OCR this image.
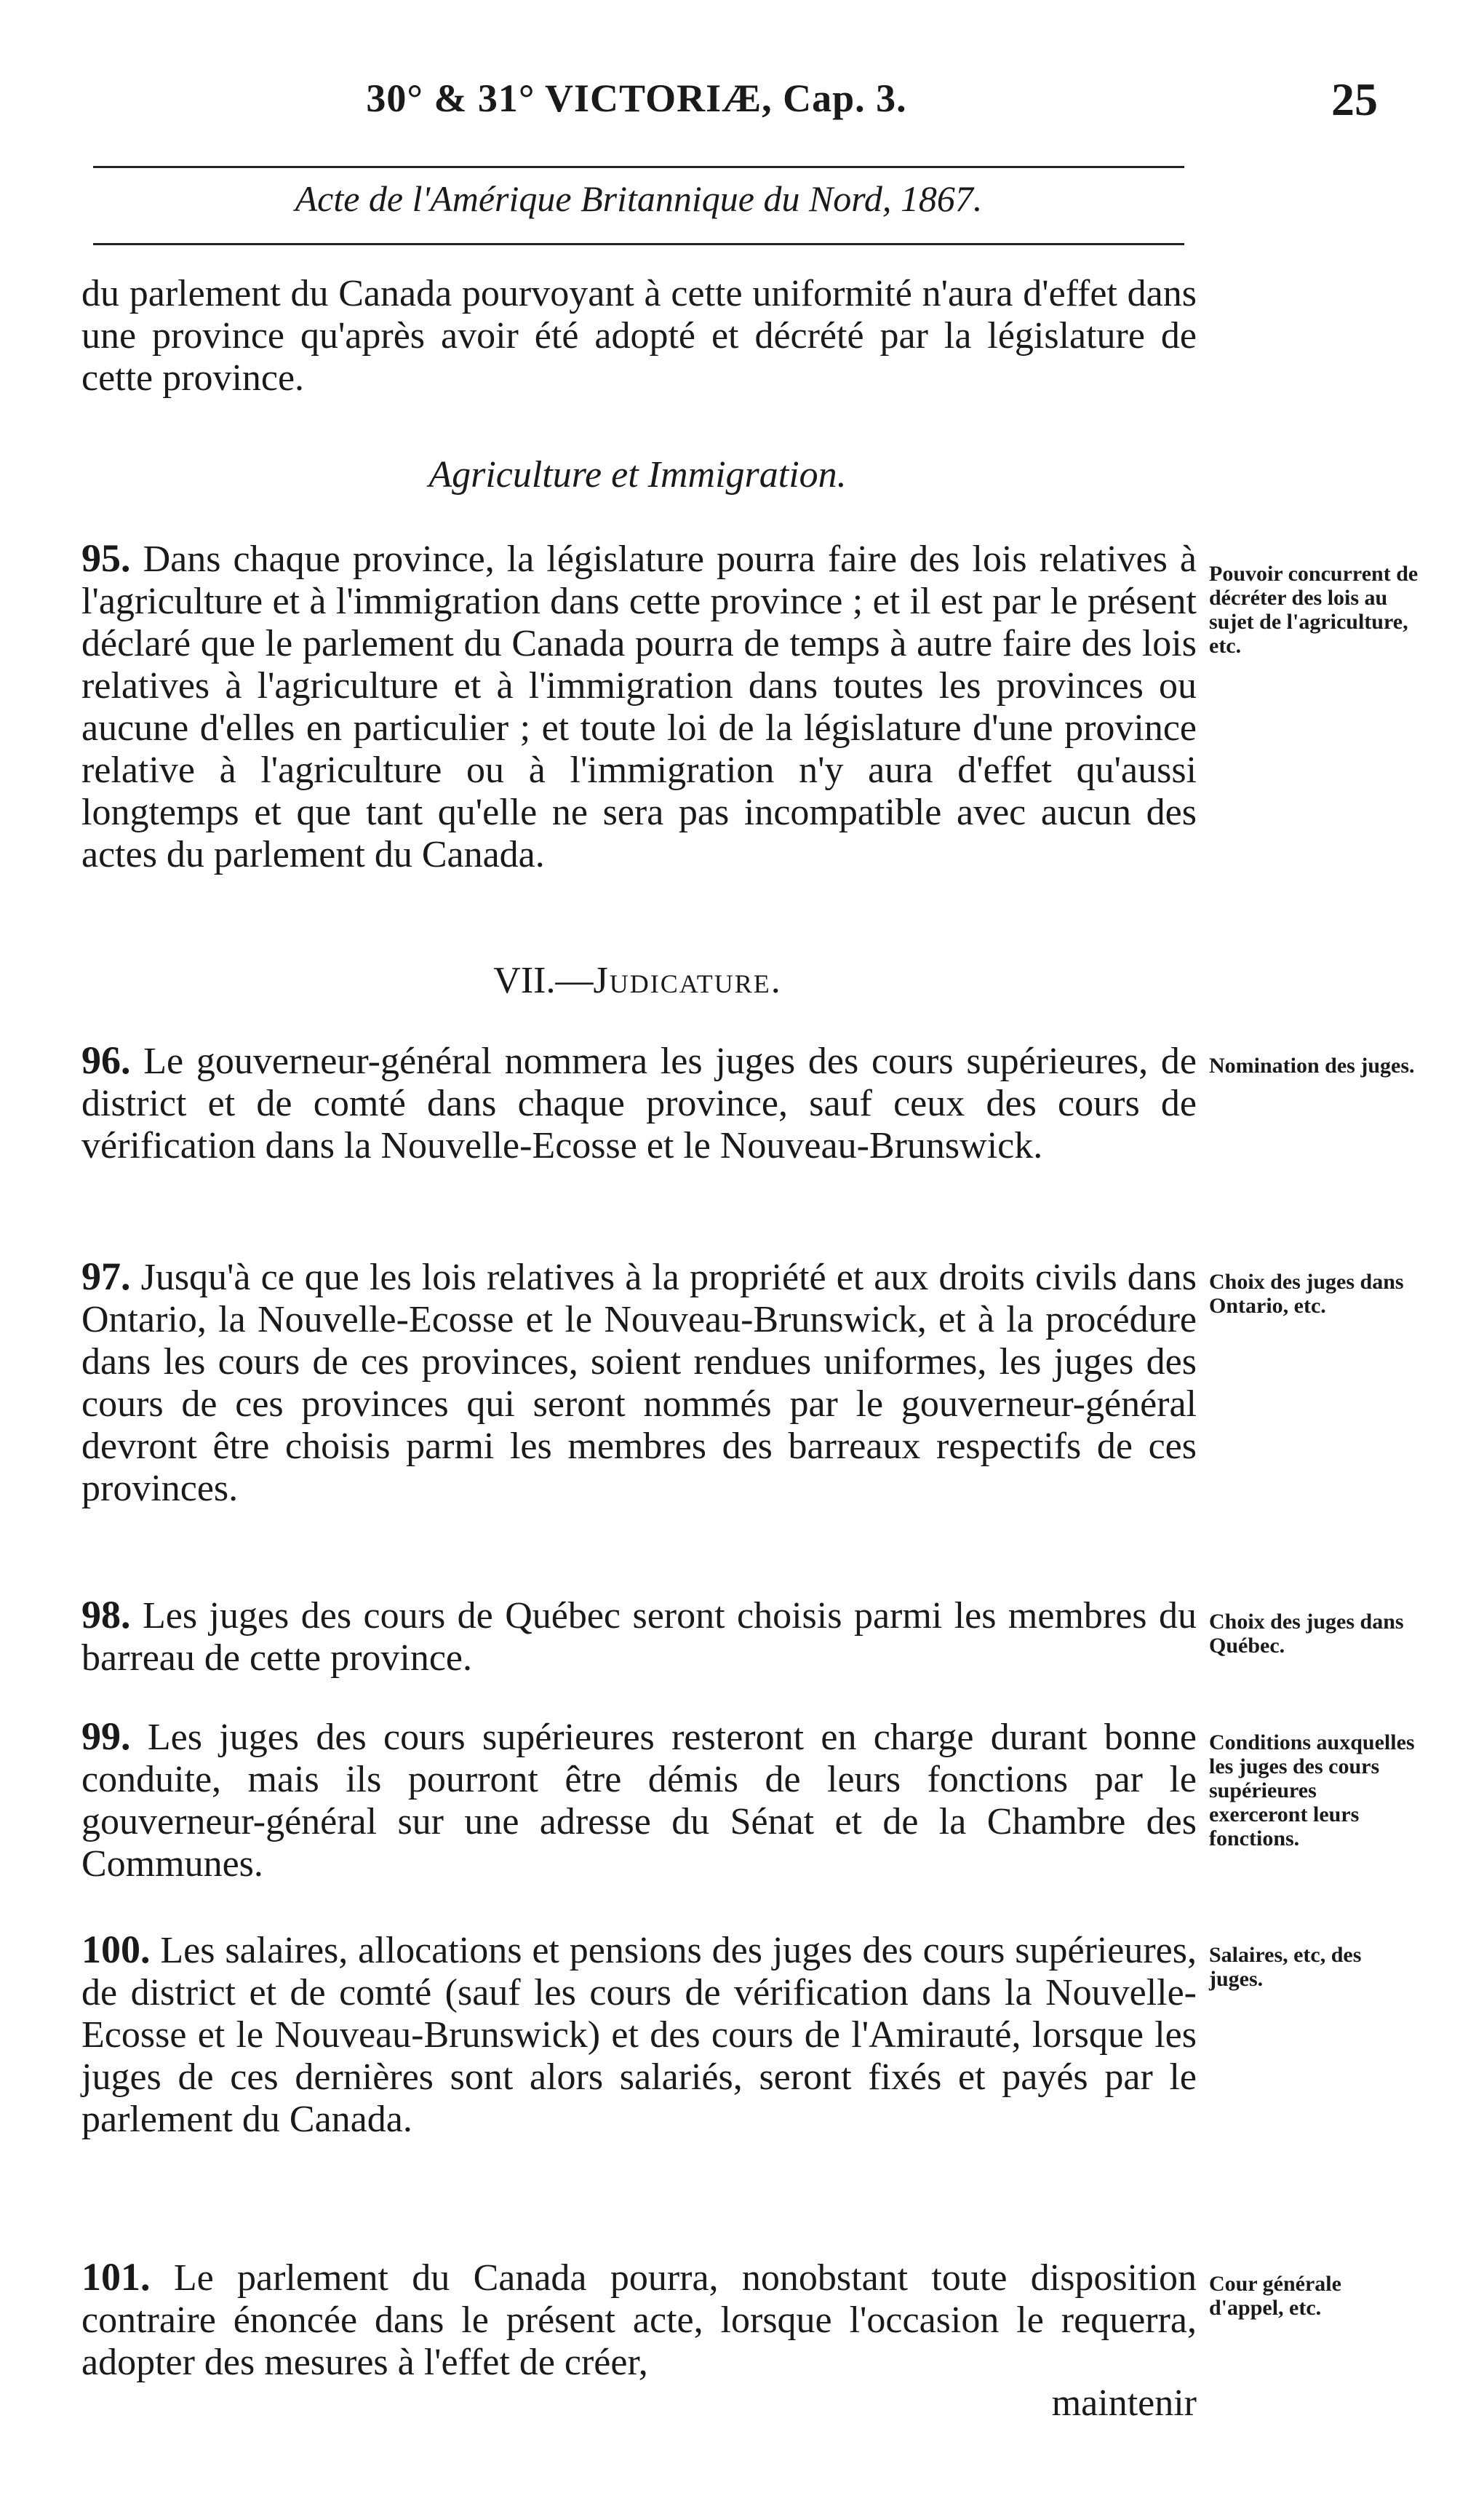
30° & 31° VICTORIÆ, Cap. 3.	25
Acte de l'Amérique Britannique du Nord, 1867.
du parlement du Canada pourvoyant à cette uniformité n'aura d'effet dans une province qu'après avoir été adopté et décrété par la législature de cette province.
Agriculture et Immigration.
95. Dans chaque province, la législature pourra faire des lois relatives à l'agriculture et à l'immigration dans cette province ; et il est par le présent déclaré que le parlement du Canada pourra de temps à autre faire des lois relatives à l'agriculture et à l'immigration dans toutes les provinces ou aucune d'elles en particulier ; et toute loi de la législature d'une province relative à l'agriculture ou à l'immigration n'y aura d'effet qu'aussi longtemps et que tant qu'elle ne sera pas incompatible avec aucun des actes du parlement du Canada.
Pouvoir concurrent de décréter des lois au sujet de l'agriculture, etc.
VII.—Judicature.
96. Le gouverneur-général nommera les juges des cours supérieures, de district et de comté dans chaque province, sauf ceux des cours de vérification dans la Nouvelle-Ecosse et le Nouveau-Brunswick.
Nomination des juges.
97. Jusqu'à ce que les lois relatives à la propriété et aux droits civils dans Ontario, la Nouvelle-Ecosse et le Nouveau-Brunswick, et à la procédure dans les cours de ces provinces, soient rendues uniformes, les juges des cours de ces provinces qui seront nommés par le gouverneur-général devront être choisis parmi les membres des barreaux respectifs de ces provinces.
Choix des juges dans Ontario, etc.
98. Les juges des cours de Québec seront choisis parmi les membres du barreau de cette province.
Choix des juges dans Québec.
99. Les juges des cours supérieures resteront en charge durant bonne conduite, mais ils pourront être démis de leurs fonctions par le gouverneur-général sur une adresse du Sénat et de la Chambre des Communes.
Conditions auxquelles les juges des cours supérieures exerceront leurs fonctions.
100. Les salaires, allocations et pensions des juges des cours supérieures, de district et de comté (sauf les cours de vérification dans la Nouvelle-Ecosse et le Nouveau-Brunswick) et des cours de l'Amirauté, lorsque les juges de ces dernières sont alors salariés, seront fixés et payés par le parlement du Canada.
Salaires, etc, des juges.
101. Le parlement du Canada pourra, nonobstant toute disposition contraire énoncée dans le présent acte, lorsque l'occasion le requerra, adopter des mesures à l'effet de créer,
Cour générale d'appel, etc.
maintenir
